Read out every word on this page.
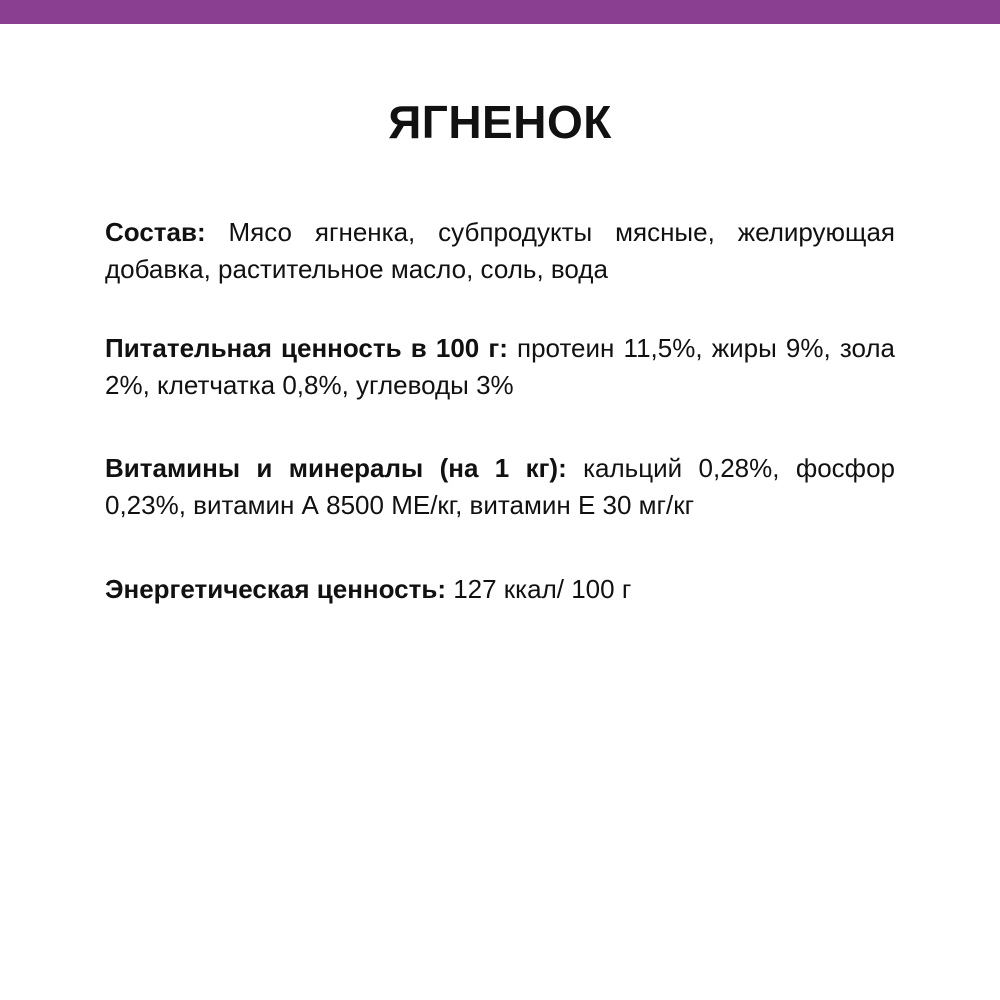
ЯГНЕНОК

Состав: Мясо ягненка, субпродукты мясные, желирующая добавка, растительное масло, соль, вода

Питательная ценность в 100 г: протеин 11,5%, жиры 9%, зола 2%, клетчатка 0,8%, углеводы 3%

Витамины и минералы (на 1 кг): кальций 0,28%, фосфор 0,23%, витамин А 8500 МЕ/кг, витамин Е 30 мг/кг

Энергетическая ценность: 127 ккал/ 100 г
